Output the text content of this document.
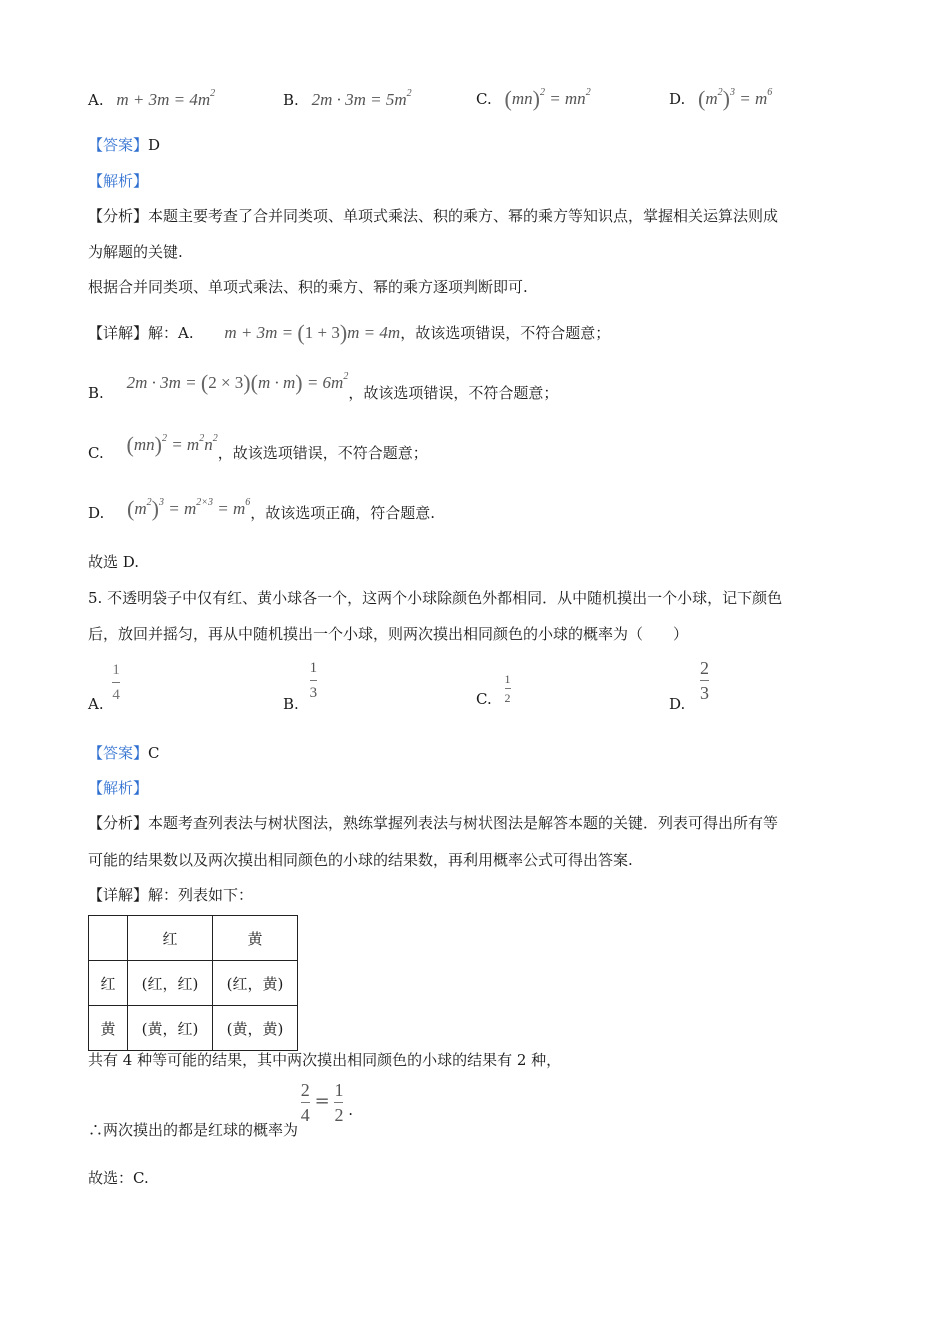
A. $m + 3m = 4m^2$	B. $2m \cdot 3m = 5m^2$	C. $(mn)^2 = mn^2$	D. $(m^2)^3 = m^6$
【答案】D
【解析】
【分析】本题主要考查了合并同类项、单项式乘法、积的乘方、幂的乘方等知识点，掌握相关运算法则成
为解题的关键.
根据合并同类项、单项式乘法、积的乘方、幂的乘方逐项判断即可.
【详解】解：A. m + 3m = (1 + 3)m = 4m，故该选项错误，不符合题意；
B. $2m \cdot 3m = (2 \times 3)(m \cdot m) = 6m^2$，故该选项错误，不符合题意；
C. $(mn)^2 = m^2n^2$，故该选项错误，不符合题意；
D. $(m^2)^3 = m^{2\times 3} = m^6$，故该选项正确，符合题意.
故选 D.
5. 不透明袋子中仅有红、黄小球各一个，这两个小球除颜色外都相同．从中随机摸出一个小球，记下颜色
后，放回并摇匀，再从中随机摸出一个小球，则两次摸出相同颜色的小球的概率为（　　）
A. $\frac{1}{4}$	B.
$\frac{1}{3}$	C. $\frac{1}{2}$	D.
$\frac{2}{3}$
【答案】C
【解析】
【分析】本题考查列表法与树状图法，熟练掌握列表法与树状图法是解答本题的关键．列表可得出所有等
可能的结果数以及两次摸出相同颜色的小球的结果数，再利用概率公式可得出答案.
【详解】解：列表如下：
	红	黄
红	(红，红)	(红，黄)
黄	(黄，红)	(黄，黄)
共有 4 种等可能的结果，其中两次摸出相同颜色的小球的结果有 2 种，
∴两次摸出的都是红球的概率为
$\frac{2}{4} = \frac{1}{2}$ .
故选：C.
